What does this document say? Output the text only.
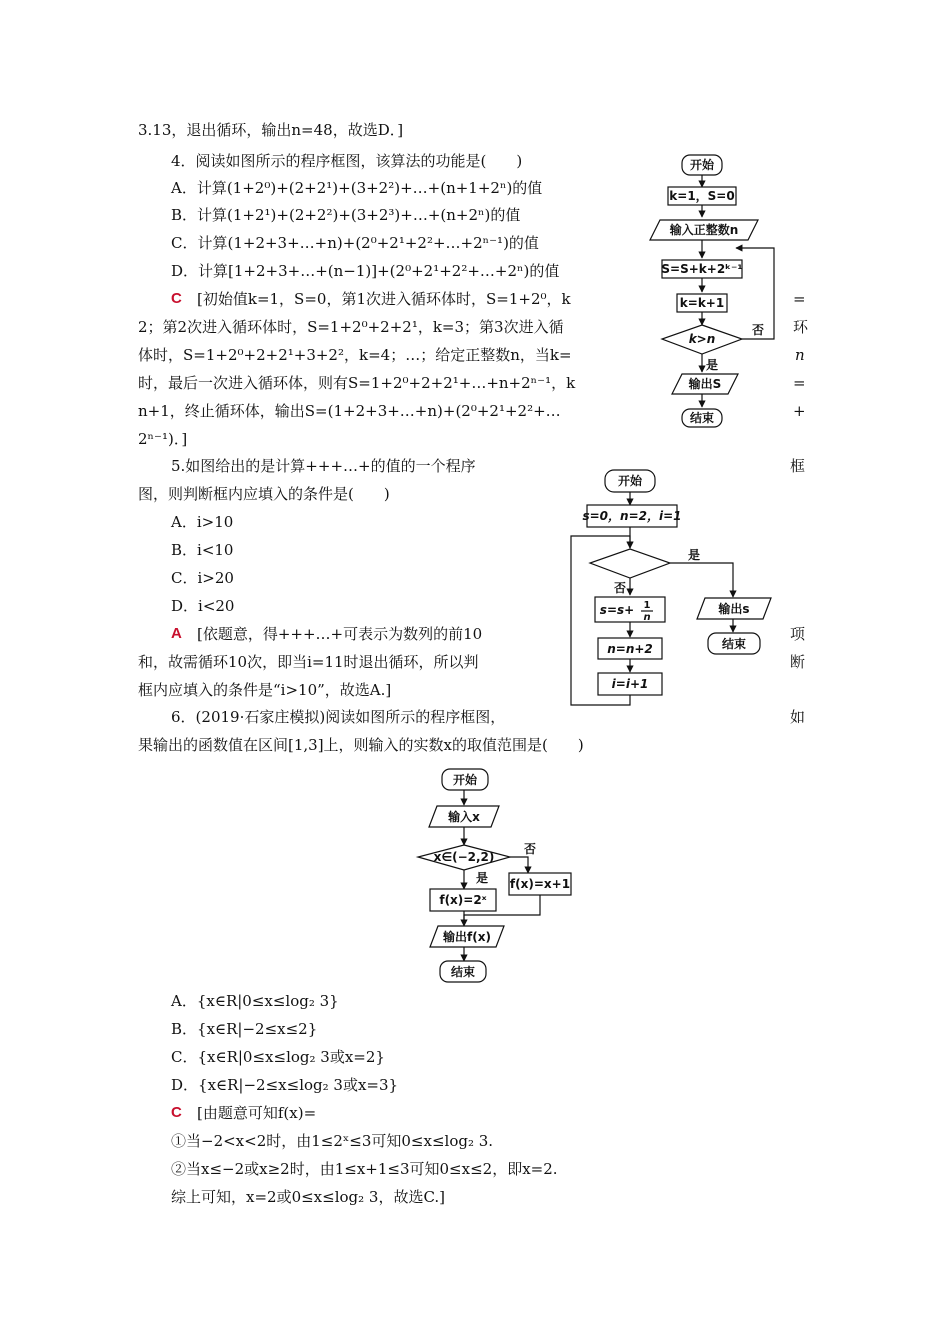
3.13，退出循环，输出n=48，故选D．]
4．阅读如图所示的程序框图，该算法的功能是(　　)
A．计算(1+2⁰)+(2+2¹)+(3+2²)+…+(n+1+2ⁿ)的值
B．计算(1+2¹)+(2+2²)+(3+2³)+…+(n+2ⁿ)的值
C．计算(1+2+3+…+n)+(2⁰+2¹+2²+…+2ⁿ⁻¹)的值
D．计算[1+2+3+…+(n−1)]+(2⁰+2¹+2²+…+2ⁿ)的值
C [初始值k=1，S=0，第1次进入循环体时，S=1+2⁰，k	=
2；第2次进入循环体时，S=1+2⁰+2+2¹，k=3；第3次进入循	环
体时，S=1+2⁰+2+2¹+3+2²，k=4；…；给定正整数n，当k=	n
时，最后一次进入循环体，则有S=1+2⁰+2+2¹+…+n+2ⁿ⁻¹，k	=
n+1，终止循环体，输出S=(1+2+3+…+n)+(2⁰+2¹+2²+…	+
2ⁿ⁻¹)．]
5.如图给出的是计算+++…+的值的一个程序	框
图，则判断框内应填入的条件是(　　)
A．i>10
B．i<10
C．i>20
D．i<20
A [依题意，得+++…+可表示为数列的前10	项
和，故需循环10次，即当i=11时退出循环，所以判	断
框内应填入的条件是“i>10”，故选A.]
6．(2019·石家庄模拟)阅读如图所示的程序框图，	如
果输出的函数值在区间[1,3]上，则输入的实数x的取值范围是(　　)
A．{x∈R|0≤x≤log₂ 3}
B．{x∈R|−2≤x≤2}
C．{x∈R|0≤x≤log₂ 3或x=2}
D．{x∈R|−2≤x≤log₂ 3或x=3}
C [由题意可知f(x)=
①当−2<x<2时，由1≤2ˣ≤3可知0≤x≤log₂ 3.
②当x≤−2或x≥2时，由1≤x+1≤3可知0≤x≤2，即x=2.
综上可知，x=2或0≤x≤log₂ 3，故选C.]
开始
k=1，S=0
输入正整数n
S=S+k+2ᵏ⁻¹
k=k+1
k>n
否
是
输出S
结束
开始
s=0，n=2，i=1
是
否
s=s+ 1
n
n=n+2
i=i+1
输出s
结束
开始
输入x
x∈(−2,2)
否
是
f(x)=2ˣ
f(x)=x+1
输出f(x)
结束
